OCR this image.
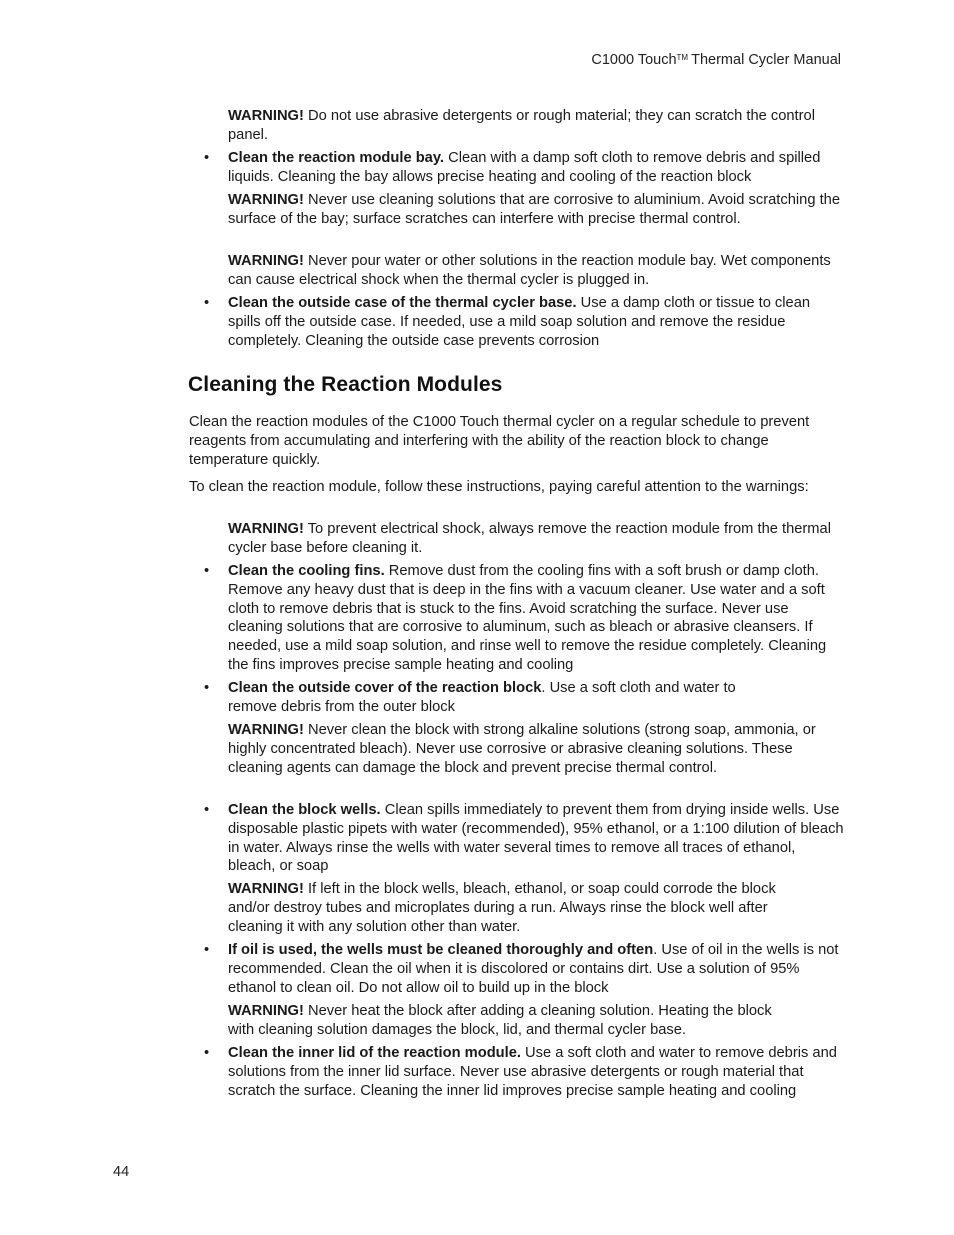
C1000 Touch™ Thermal Cycler Manual

WARNING! Do not use abrasive detergents or rough material; they can scratch the control panel.

• Clean the reaction module bay. Clean with a damp soft cloth to remove debris and spilled liquids. Cleaning the bay allows precise heating and cooling of the reaction block

WARNING! Never use cleaning solutions that are corrosive to aluminium. Avoid scratching the surface of the bay; surface scratches can interfere with precise thermal control.

WARNING! Never pour water or other solutions in the reaction module bay. Wet components can cause electrical shock when the thermal cycler is plugged in.

• Clean the outside case of the thermal cycler base. Use a damp cloth or tissue to clean spills off the outside case. If needed, use a mild soap solution and remove the residue completely. Cleaning the outside case prevents corrosion

Cleaning the Reaction Modules

Clean the reaction modules of the C1000 Touch thermal cycler on a regular schedule to prevent reagents from accumulating and interfering with the ability of the reaction block to change temperature quickly.

To clean the reaction module, follow these instructions, paying careful attention to the warnings:

WARNING! To prevent electrical shock, always remove the reaction module from the thermal cycler base before cleaning it.

• Clean the cooling fins. Remove dust from the cooling fins with a soft brush or damp cloth. Remove any heavy dust that is deep in the fins with a vacuum cleaner. Use water and a soft cloth to remove debris that is stuck to the fins. Avoid scratching the surface. Never use cleaning solutions that are corrosive to aluminum, such as bleach or abrasive cleansers. If needed, use a mild soap solution, and rinse well to remove the residue completely. Cleaning the fins improves precise sample heating and cooling

• Clean the outside cover of the reaction block. Use a soft cloth and water to remove debris from the outer block

WARNING! Never clean the block with strong alkaline solutions (strong soap, ammonia, or highly concentrated bleach). Never use corrosive or abrasive cleaning solutions. These cleaning agents can damage the block and prevent precise thermal control.

• Clean the block wells. Clean spills immediately to prevent them from drying inside wells. Use disposable plastic pipets with water (recommended), 95% ethanol, or a 1:100 dilution of bleach in water. Always rinse the wells with water several times to remove all traces of ethanol, bleach, or soap

WARNING! If left in the block wells, bleach, ethanol, or soap could corrode the block and/or destroy tubes and microplates during a run. Always rinse the block well after cleaning it with any solution other than water.

• If oil is used, the wells must be cleaned thoroughly and often. Use of oil in the wells is not recommended. Clean the oil when it is discolored or contains dirt. Use a solution of 95% ethanol to clean oil. Do not allow oil to build up in the block

WARNING! Never heat the block after adding a cleaning solution. Heating the block with cleaning solution damages the block, lid, and thermal cycler base.

• Clean the inner lid of the reaction module. Use a soft cloth and water to remove debris and solutions from the inner lid surface. Never use abrasive detergents or rough material that scratch the surface. Cleaning the inner lid improves precise sample heating and cooling

44
